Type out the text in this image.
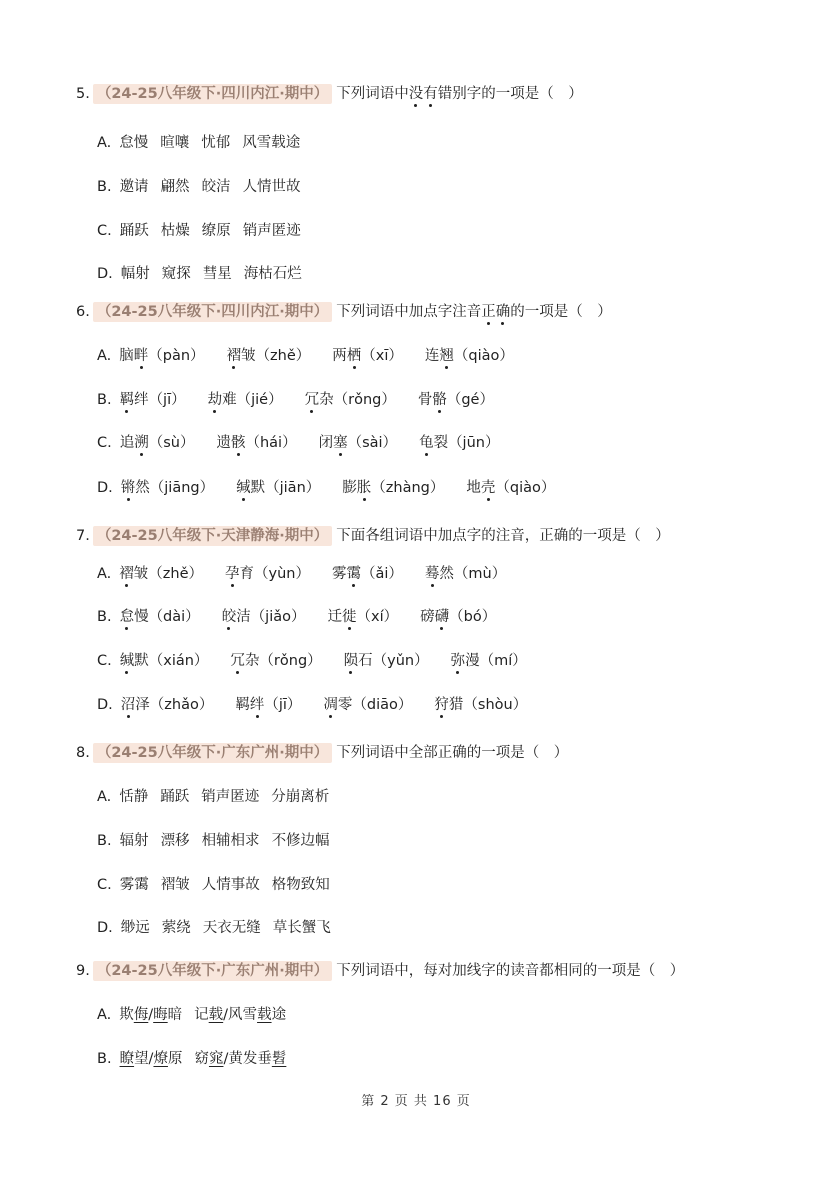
5. （24-25八年级下·四川内江·期中） 下列词语中没有错别字的一项是（　）
A. 怠慢 暄嚷 忧郁 风雪载途
B. 邀请 翩然 皎洁 人情世故
C. 踊跃 枯燥 缭原 销声匿迹
D. 幅射 窥探 彗星 海枯石烂
6. （24-25八年级下·四川内江·期中） 下列词语中加点字注音正确的一项是（　）
A. 脑畔（pàn） 褶皱（zhě） 两栖（xī） 连翘（qiào）
B. 羁绊（jī） 劫难（jié） 冗杂（rǒng） 骨骼（gé）
C. 追溯（sù） 遗骸（hái） 闭塞（sài） 龟裂（jūn）
D. 锵然（jiāng） 缄默（jiān） 膨胀（zhàng） 地壳（qiào）
7. （24-25八年级下·天津静海·期中） 下面各组词语中加点字的注音，正确的一项是（　）
A. 褶皱（zhě） 孕育（yùn） 雾霭（ǎi） 蓦然（mù）
B. 怠慢（dài） 皎洁（jiǎo） 迁徙（xí） 磅礴（bó）
C. 缄默（xián） 冗杂（rǒng） 陨石（yǔn） 弥漫（mí）
D. 沼泽（zhǎo） 羁绊（jī） 凋零（diāo） 狩猎（shòu）
8. （24-25八年级下·广东广州·期中） 下列词语中全部正确的一项是（　）
A. 恬静 踊跃 销声匿迹 分崩离析
B. 辐射 漂移 相辅相求 不修边幅
C. 雾霭 褶皱 人情事故 格物致知
D. 缈远 萦绕 天衣无缝 草长蟹飞
9. （24-25八年级下·广东广州·期中） 下列词语中，每对加线字的读音都相同的一项是（　）
A. 欺侮/晦暗 记载/风雪载途
B. 瞭望/燎原 窈窕/黄发垂髫
第 2 页 共 16 页
